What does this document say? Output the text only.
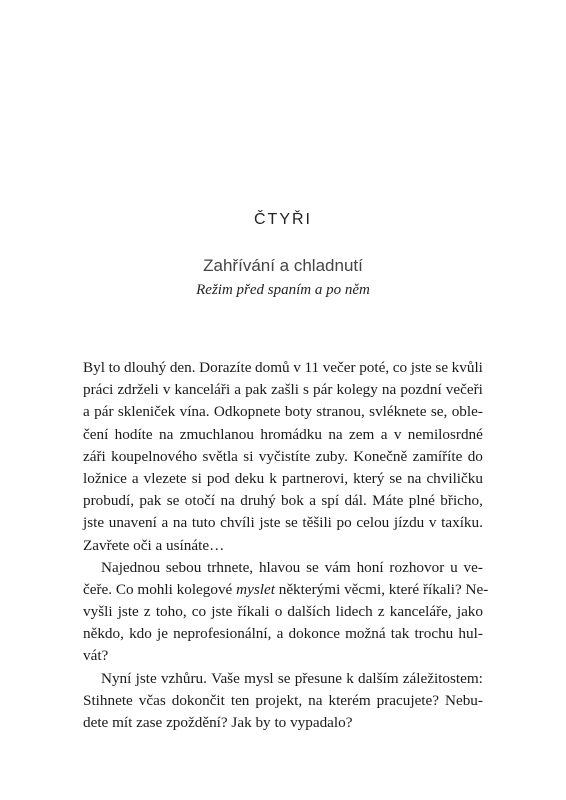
ČTYŘI
Zahřívání a chladnutí
Režim před spaním a po něm
Byl to dlouhý den. Dorazíte domů v 11 večer poté, co jste se kvůli
práci zdrželi v kanceláři a pak zašli s pár kolegy na pozdní večeři
a pár skleniček vína. Odkopnete boty stranou, svléknete se, oble-
čení hodíte na zmuchlanou hromádku na zem a v nemilosrdné
záři koupelnového světla si vyčistíte zuby. Konečně zamíříte do
ložnice a vlezete si pod deku k partnerovi, který se na chviličku
probudí, pak se otočí na druhý bok a spí dál. Máte plné břicho,
jste unavení a na tuto chvíli jste se těšili po celou jízdu v taxíku.
Zavřete oči a usínáte…
Najednou sebou trhnete, hlavou se vám honí rozhovor u ve-
čeře. Co mohli kolegové myslet některými věcmi, které říkali? Ne-
vyšli jste z toho, co jste říkali o dalších lidech z kanceláře, jako
někdo, kdo je neprofesionální, a dokonce možná tak trochu hul-
vát?
Nyní jste vzhůru. Vaše mysl se přesune k dalším záležitostem:
Stihnete včas dokončit ten projekt, na kterém pracujete? Nebu-
dete mít zase zpoždění? Jak by to vypadalo?
